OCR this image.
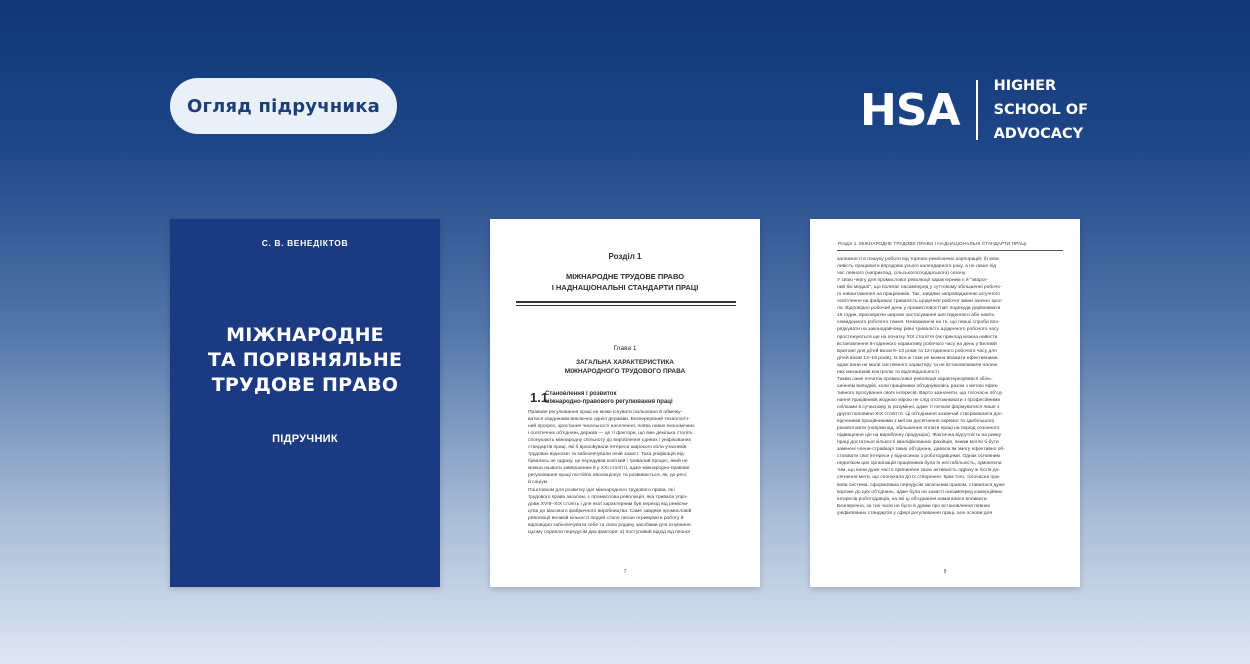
Огляд підручника	HSA HIGHER
SCHOOL OF
ADVOCACY
С. В. ВЕНЕДІКТОВ
МІЖНАРОДНЕ
ТА ПОРІВНЯЛЬНЕ
ТРУДОВЕ ПРАВО
ПІДРУЧНИК
Розділ 1
МІЖНАРОДНЕ ТРУДОВЕ ПРАВО
І НАДНАЦІОНАЛЬНІ СТАНДАРТИ ПРАЦІ
Глава 1
ЗАГАЛЬНА ХАРАКТЕРИСТИКА
МІЖНАРОДНОГО ТРУДОВОГО ПРАВА
1.1
Становлення і розвиток
міжнародно-правового регулювання праці
Правове регулювання праці не може існувати ізольовано й обмежу-
ватися кордонами виключно однієї держави. Безперервний технологіч-
ний прогрес, зростання чисельності населення, поява нових економічних
і політичних об'єднань держав — це ті фактори, що вже декілька століть
спонукають міжнародну спільноту до вироблення єдиних і уніфікованих
стандартів праці, які б враховували інтереси широкого кола учасників
трудових відносин та забезпечували їхній захист. Така уніфікація від-
бувалась не одразу, це передував копіткий і тривалий процес, який не
можна назвати завершеним й у XXI столітті, адже міжнародно-правове
регулювання праці постійно еволюціонує та розвивається, як, до речі,
й соціум.
Поштовхом для розвитку ідеї міжнародного трудового права, як і
трудового права загалом, є промислова революція, яка тривала упро-
довж XVIII–XIX століть і для якої характерним був перехід від ремісни-
цтва до масового фабричного виробництва. Саме завдяки промисловій
революції великій кількості людей стало легше отримувати роботу й
відповідно забезпечувати себе та свою родину засобами для існування.
Цьому сприяли передусім два фактори: а) поступовий відхід від пеоної
7
Розділ 1. МІЖНАРОДНЕ ТРУДОВЕ ПРАВО І НАДНАЦІОНАЛЬНІ СТАНДАРТИ ПРАЦІ
залежності в пошуку роботи від торгово-ремісничих корпорацій; б) мож-
ливість працювати впродовж усього календарного року, а не лише під
час певного (наприклад, сільськогосподарського) сезону.
У свою чергу для промислової революції характерним є й "зворот-
ний бік медалі", що полягає насамперед у суттєвому збільшенні робочо-
го навантаження на працівників. Так, завдяки запровадженню штучного
освітлення на фабриках тривалість щоденної робочої зміни значно зрос-
ла. Відповідно робочий день у промисловості міг подекуди дорівнювати
16 годин, враховуючи широке застосування шестиденного або навіть
семиденного робочого тижня. Незважаючи на те, що перші спроби впо-
рядкувати на законодавчому рівні тривалість щоденного робочого часу
простежуються ще на початку XIX століття (як приклад можна навести
встановлення 8-годинного нормативу робочого часу на день у Великій
Британії для дітей віком 9–13 років та 12-годинного робочого часу для
дітей віком 13–18 років), їх все ж таки не можна вважати ефективними,
адже вони не мали системного характеру та не встановлювали належ-
них механізмів контролю та відповідальності.
Таким саме початок промислової революції характеризувався збіль-
шенням випадків, коли працівники об'єднувались разом з метою ефек-
тивного просування своїх інтересів. Варто зазначити, що тогочасні об'єд-
нання працівників жодною мірою не слід ототожнювати з професійними
спілками в сучасному їх розумінні, адже ті почали формуватися лише з
другої половини XIX століття. Ці об'єднання зазвичай створювалися дос-
відченими працівниками з метою досягнення окремої та здебільшого
разової мети (наприклад, збільшення оплати праці на період сезонного
підвищення цін на вироблену продукцію). Фактична відсутність на ринку
праці достатньої кількості кваліфікованих фахівців, якими могли б бути
замінені члени-страйкарі таких об'єднань, давала їм змогу ефективно об-
стоювати свої інтереси у відносинах з роботодавцями. Однак основним
недоліком цих організацій працівників була їх нестабільність, зумовлена
тим, що вони дуже часто припиняли свою активність одразу ж після до-
сягнення мети, що спонукала до їх створення. Крім того, тогочасна пра-
вова система, сформована передусім загальним правом, ставилася дуже
вороже до цих об'єднань, адже була на захисті насамперед комерційних
інтересів роботодавців, на які ці об'єднання намагалися впливати.
Безперечно, за тих часів не було й думки про встановлення певних
уніфікованих стандартів у сфері регулювання праці, але основи для
8
